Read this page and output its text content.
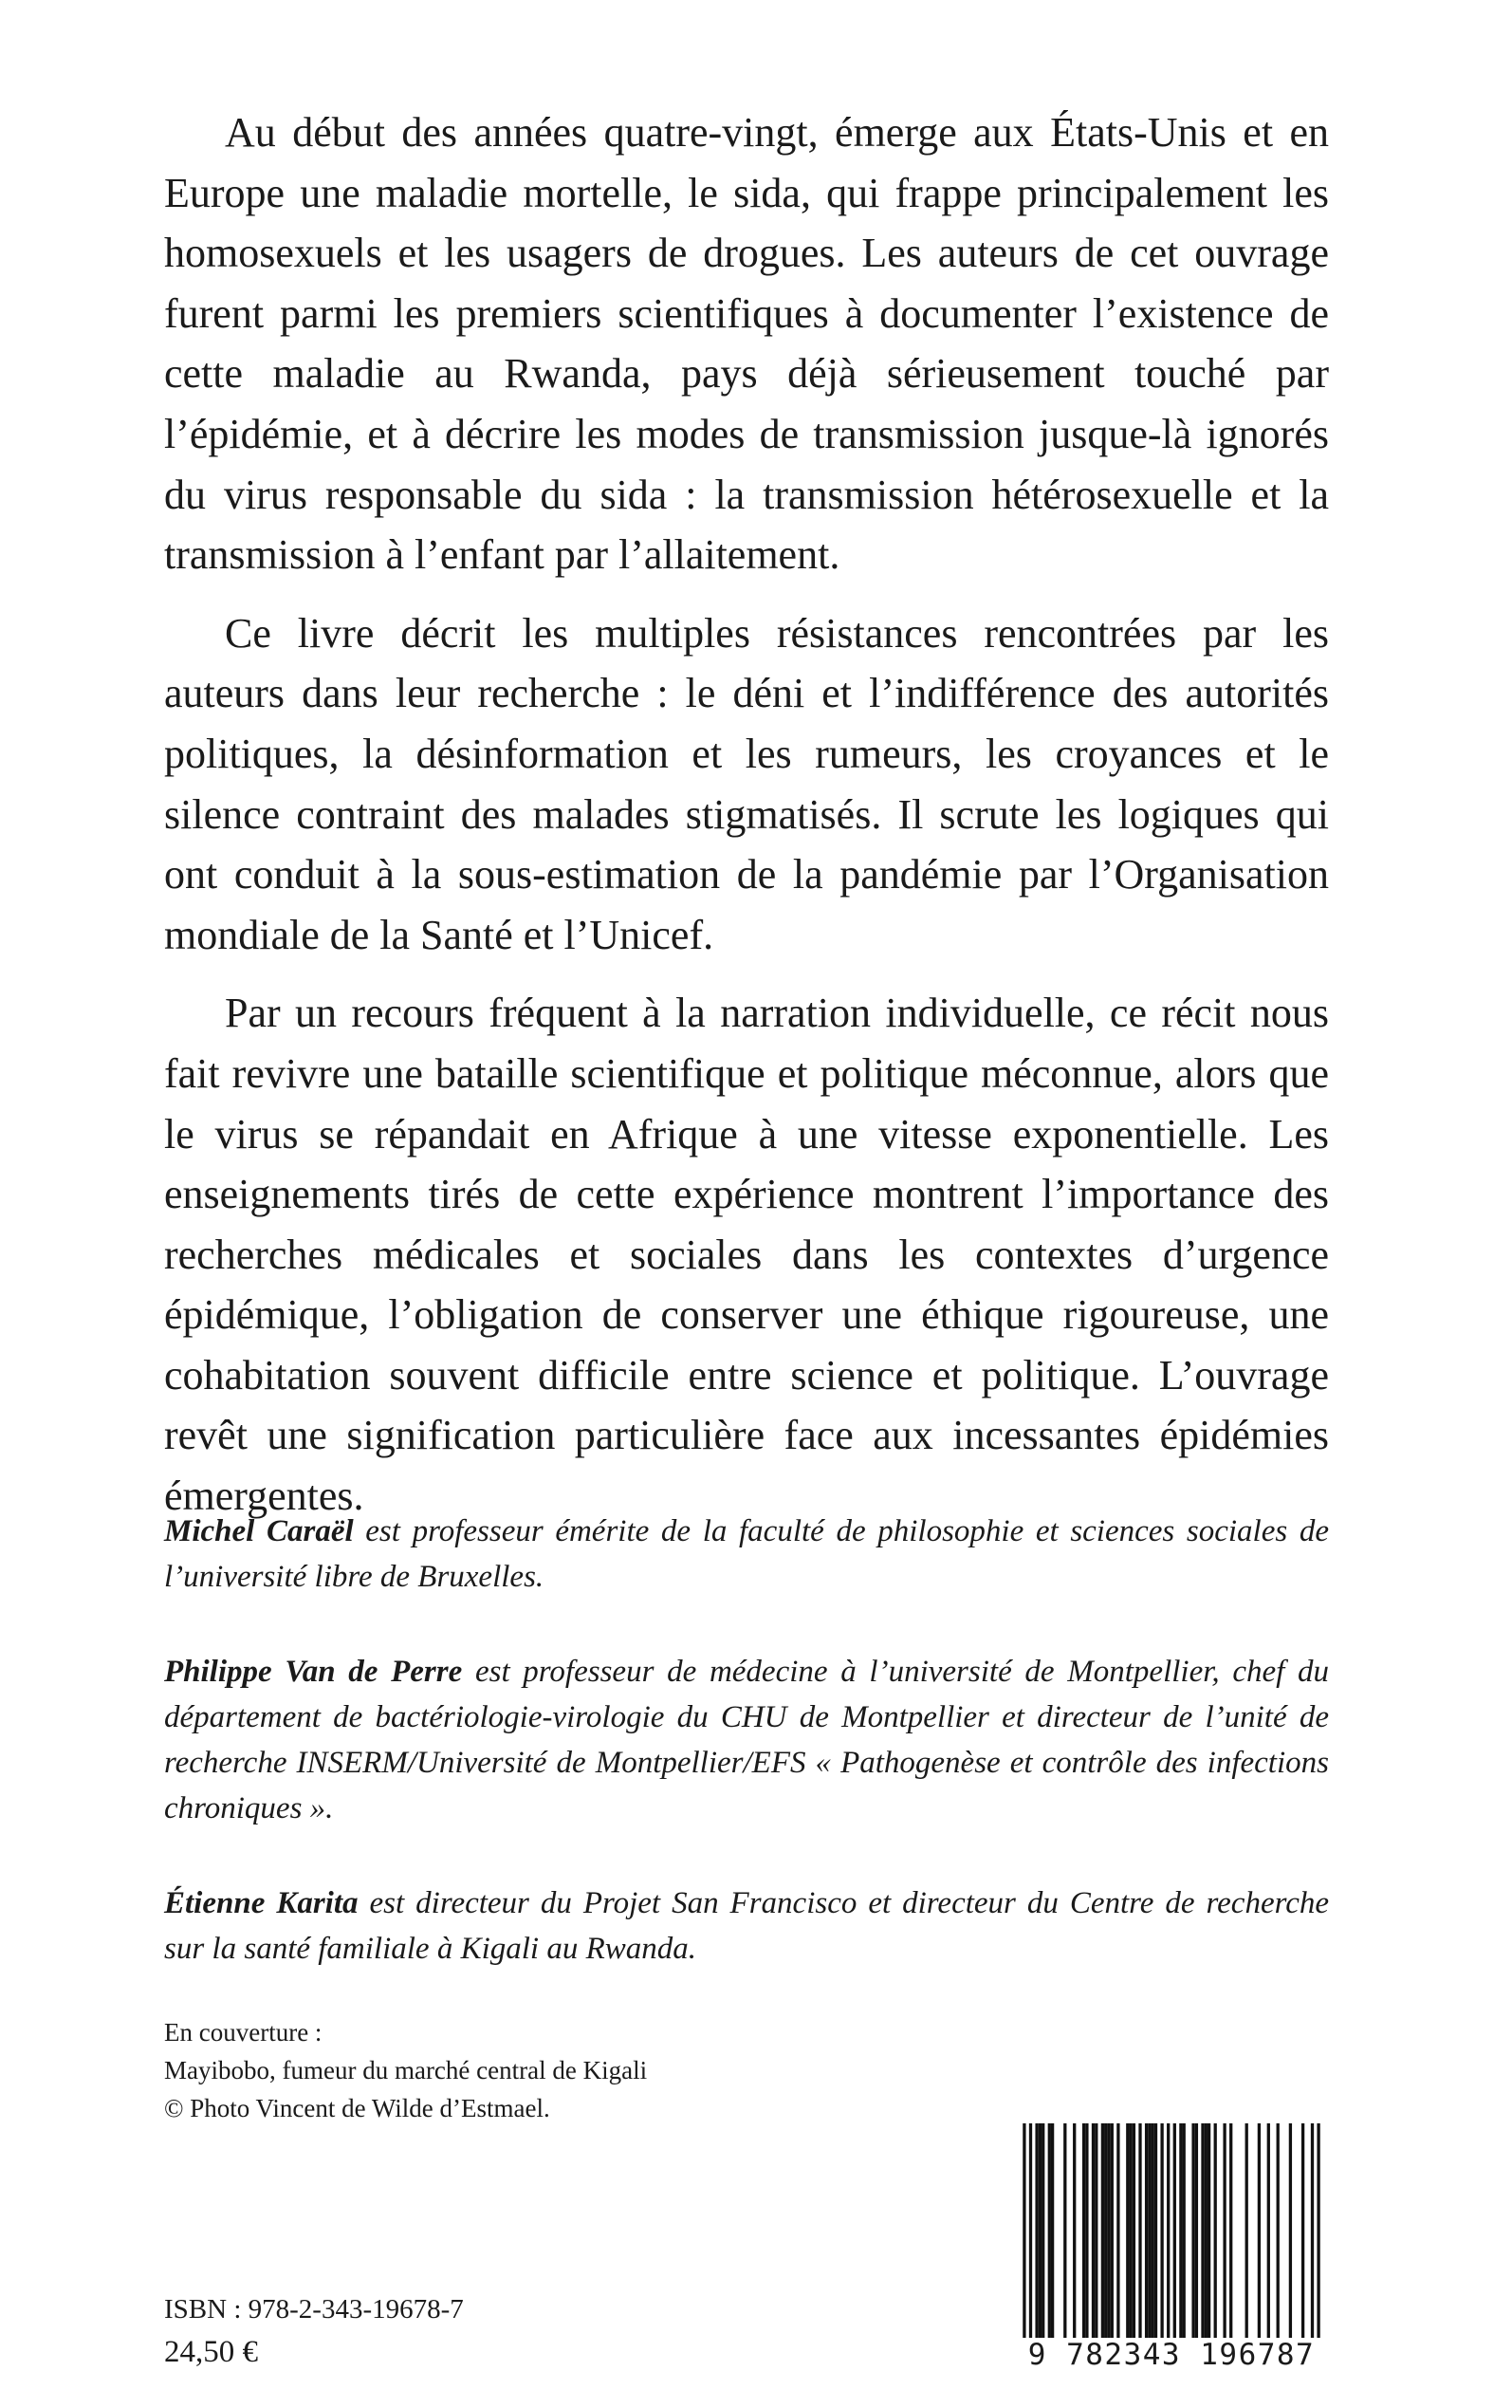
Au début des années quatre-vingt, émerge aux États-Unis et en Europe une maladie mortelle, le sida, qui frappe principalement les homosexuels et les usagers de drogues. Les auteurs de cet ouvrage furent parmi les premiers scientifiques à documenter l’existence de cette maladie au Rwanda, pays déjà sérieusement touché par l’épidémie, et à décrire les modes de transmission jusque-là ignorés du virus responsable du sida : la transmission hétérosexuelle et la transmission à l’enfant par l’allaitement.

Ce livre décrit les multiples résistances rencontrées par les auteurs dans leur recherche : le déni et l’indifférence des autorités politiques, la désinformation et les rumeurs, les croyances et le silence contraint des malades stigmatisés. Il scrute les logiques qui ont conduit à la sous-estimation de la pandémie par l’Organisation mondiale de la Santé et l’Unicef.

Par un recours fréquent à la narration individuelle, ce récit nous fait revivre une bataille scientifique et politique méconnue, alors que le virus se répandait en Afrique à une vitesse exponentielle. Les enseignements tirés de cette expérience montrent l’importance des recherches médicales et sociales dans les contextes d’urgence épidémique, l’obligation de conserver une éthique rigoureuse, une cohabitation souvent difficile entre science et politique. L’ouvrage revêt une signification particulière face aux incessantes épidémies émergentes.

Michel Caraël est professeur émérite de la faculté de philosophie et sciences sociales de l’université libre de Bruxelles.
Philippe Van de Perre est professeur de médecine à l’université de Montpellier, chef du département de bactériologie-virologie du CHU de Montpellier et directeur de l’unité de recherche INSERM/Université de Montpellier/EFS « Pathogenèse et contrôle des infections chroniques ».
Étienne Karita est directeur du Projet San Francisco et directeur du Centre de recherche sur la santé familiale à Kigali au Rwanda.
En couverture :
Mayibobo, fumeur du marché central de Kigali
© Photo Vincent de Wilde d’Estmael.
ISBN : 978-2-343-19678-7
24,50 €	9 782343 196787
